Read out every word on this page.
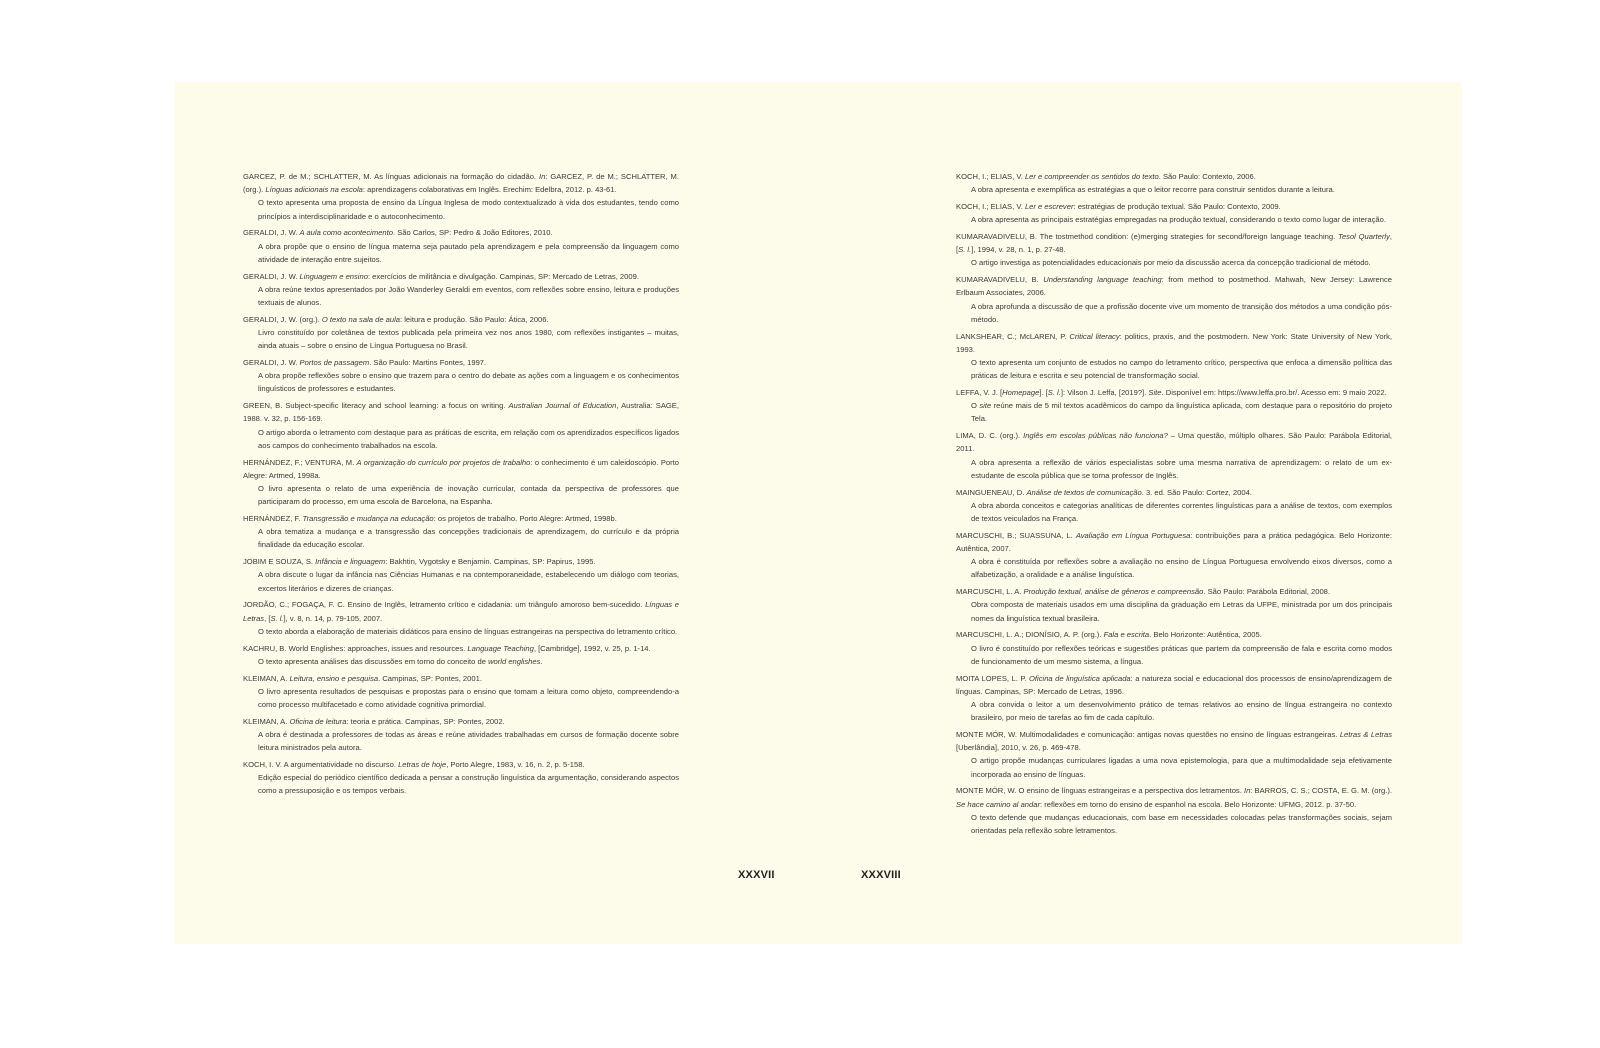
GARCEZ, P. de M.; SCHLATTER, M. As línguas adicionais na formação do cidadão. In: GARCEZ, P. de M.; SCHLATTER, M. (org.). Línguas adicionais na escola: aprendizagens colaborativas em Inglês. Erechim: Edelbra, 2012. p. 43-61.
O texto apresenta uma proposta de ensino da Língua Inglesa de modo contextualizado à vida dos estudantes, tendo como princípios a interdisciplinaridade e o autoconhecimento.
GERALDI, J. W. A aula como acontecimento. São Carlos, SP: Pedro & João Editores, 2010.
A obra propõe que o ensino de língua materna seja pautado pela aprendizagem e pela compreensão da linguagem como atividade de interação entre sujeitos.
GERALDI, J. W. Linguagem e ensino: exercícios de militância e divulgação. Campinas, SP: Mercado de Letras, 2009.
A obra reúne textos apresentados por João Wanderley Geraldi em eventos, com reflexões sobre ensino, leitura e produções textuais de alunos.
GERALDI, J. W. (org.). O texto na sala de aula: leitura e produção. São Paulo: Ática, 2006.
Livro constituído por coletânea de textos publicada pela primeira vez nos anos 1980, com reflexões instigantes – muitas, ainda atuais – sobre o ensino de Língua Portuguesa no Brasil.
GERALDI, J. W. Portos de passagem. São Paulo: Martins Fontes, 1997.
A obra propõe reflexões sobre o ensino que trazem para o centro do debate as ações com a linguagem e os conhecimentos linguísticos de professores e estudantes.
GREEN, B. Subject-specific literacy and school learning: a focus on writing. Australian Journal of Education, Australia: SAGE, 1988. v. 32, p. 156-169.
O artigo aborda o letramento com destaque para as práticas de escrita, em relação com os aprendizados específicos ligados aos campos do conhecimento trabalhados na escola.
HERNÁNDEZ, F.; VENTURA, M. A organização do currículo por projetos de trabalho: o conhecimento é um caleidoscópio. Porto Alegre: Artmed, 1998a.
O livro apresenta o relato de uma experiência de inovação curricular, contada da perspectiva de professores que participaram do processo, em uma escola de Barcelona, na Espanha.
HERNÁNDEZ, F. Transgressão e mudança na educação: os projetos de trabalho. Porto Alegre: Artmed, 1998b.
A obra tematiza a mudança e a transgressão das concepções tradicionais de aprendizagem, do currículo e da própria finalidade da educação escolar.
JOBIM E SOUZA, S. Infância e linguagem: Bakhtin, Vygotsky e Benjamin. Campinas, SP: Papirus, 1995.
A obra discute o lugar da infância nas Ciências Humanas e na contemporaneidade, estabelecendo um diálogo com teorias, excertos literários e dizeres de crianças.
JORDÃO, C.; FOGAÇA, F. C. Ensino de Inglês, letramento crítico e cidadania: um triângulo amoroso bem-sucedido. Línguas e Letras, [S. l.], v. 8, n. 14, p. 79-105, 2007.
O texto aborda a elaboração de materiais didáticos para ensino de línguas estrangeiras na perspectiva do letramento crítico.
KACHRU, B. World Englishes: approaches, issues and resources. Language Teaching, [Cambridge], 1992, v. 25, p. 1-14.
O texto apresenta análises das discussões em torno do conceito de world englishes.
KLEIMAN, A. Leitura, ensino e pesquisa. Campinas, SP: Pontes, 2001.
O livro apresenta resultados de pesquisas e propostas para o ensino que tomam a leitura como objeto, compreendendo-a como processo multifacetado e como atividade cognitiva primordial.
KLEIMAN, A. Oficina de leitura: teoria e prática. Campinas, SP: Pontes, 2002.
A obra é destinada a professores de todas as áreas e reúne atividades trabalhadas em cursos de formação docente sobre leitura ministrados pela autora.
KOCH, I. V. A argumentatividade no discurso. Letras de hoje, Porto Alegre, 1983, v. 16, n. 2, p. 5-158.
Edição especial do periódico científico dedicada a pensar a construção linguística da argumentação, considerando aspectos como a pressuposição e os tempos verbais.
KOCH, I.; ELIAS, V. Ler e compreender os sentidos do texto. São Paulo: Contexto, 2006.
A obra apresenta e exemplifica as estratégias a que o leitor recorre para construir sentidos durante a leitura.
KOCH, I.; ELIAS, V. Ler e escrever: estratégias de produção textual. São Paulo: Contexto, 2009.
A obra apresenta as principais estratégias empregadas na produção textual, considerando o texto como lugar de interação.
KUMARAVADIVELU, B. The tostmethod condition: (e)merging strategies for second/foreign language teaching. Tesol Quarterly, [S. l.], 1994, v. 28, n. 1, p. 27-48.
O artigo investiga as potencialidades educacionais por meio da discussão acerca da concepção tradicional de método.
KUMARAVADIVELU, B. Understanding language teaching: from method to postmethod. Mahwah, New Jersey: Lawrence Erlbaum Associates, 2006.
A obra aprofunda a discussão de que a profissão docente vive um momento de transição dos métodos a uma condição pós-método.
LANKSHEAR, C.; McLAREN, P. Critical literacy: politics, praxis, and the postmodern. New York: State University of New York, 1993.
O texto apresenta um conjunto de estudos no campo do letramento crítico, perspectiva que enfoca a dimensão política das práticas de leitura e escrita e seu potencial de transformação social.
LEFFA, V. J. [Homepage]. [S. l.]: Vilson J. Leffa, [2019?]. Site. Disponível em: https://www.leffa.pro.br/. Acesso em: 9 maio 2022.
O site reúne mais de 5 mil textos acadêmicos do campo da linguística aplicada, com destaque para o repositório do projeto Tela.
LIMA, D. C. (org.). Inglês em escolas públicas não funciona? – Uma questão, múltiplo olhares. São Paulo: Parábola Editorial, 2011.
A obra apresenta a reflexão de vários especialistas sobre uma mesma narrativa de aprendizagem: o relato de um ex-estudante de escola pública que se torna professor de Inglês.
MAINGUENEAU, D. Análise de textos de comunicação. 3. ed. São Paulo: Cortez, 2004.
A obra aborda conceitos e categorias analíticas de diferentes correntes linguísticas para a análise de textos, com exemplos de textos veiculados na França.
MARCUSCHI, B.; SUASSUNA, L. Avaliação em Língua Portuguesa: contribuições para a prática pedagógica. Belo Horizonte: Autêntica, 2007.
A obra é constituída por reflexões sobre a avaliação no ensino de Língua Portuguesa envolvendo eixos diversos, como a alfabetização, a oralidade e a análise linguística.
MARCUSCHI, L. A. Produção textual, análise de gêneros e compreensão. São Paulo: Parábola Editorial, 2008.
Obra composta de materiais usados em uma disciplina da graduação em Letras da UFPE, ministrada por um dos principais nomes da linguística textual brasileira.
MARCUSCHI, L. A.; DIONÍSIO, A. P. (org.). Fala e escrita. Belo Horizonte: Autêntica, 2005.
O livro é constituído por reflexões teóricas e sugestões práticas que partem da compreensão de fala e escrita como modos de funcionamento de um mesmo sistema, a língua.
MOITA LOPES, L. P. Oficina de linguística aplicada: a natureza social e educacional dos processos de ensino/aprendizagem de línguas. Campinas, SP: Mercado de Letras, 1996.
A obra convida o leitor a um desenvolvimento prático de temas relativos ao ensino de língua estrangeira no contexto brasileiro, por meio de tarefas ao fim de cada capítulo.
MONTE MÓR, W. Multimodalidades e comunicação: antigas novas questões no ensino de línguas estrangeiras. Letras & Letras [Uberlândia], 2010, v. 26, p. 469-478.
O artigo propõe mudanças curriculares ligadas a uma nova epistemologia, para que a multimodalidade seja efetivamente incorporada ao ensino de línguas.
MONTE MÓR, W. O ensino de línguas estrangeiras e a perspectiva dos letramentos. In: BARROS, C. S.; COSTA, E. G. M. (org.). Se hace camino al andar: reflexões em torno do ensino de espanhol na escola. Belo Horizonte: UFMG, 2012. p. 37-50.
O texto defende que mudanças educacionais, com base em necessidades colocadas pelas transformações sociais, sejam orientadas pela reflexão sobre letramentos.
XXXVII	XXXVIII
